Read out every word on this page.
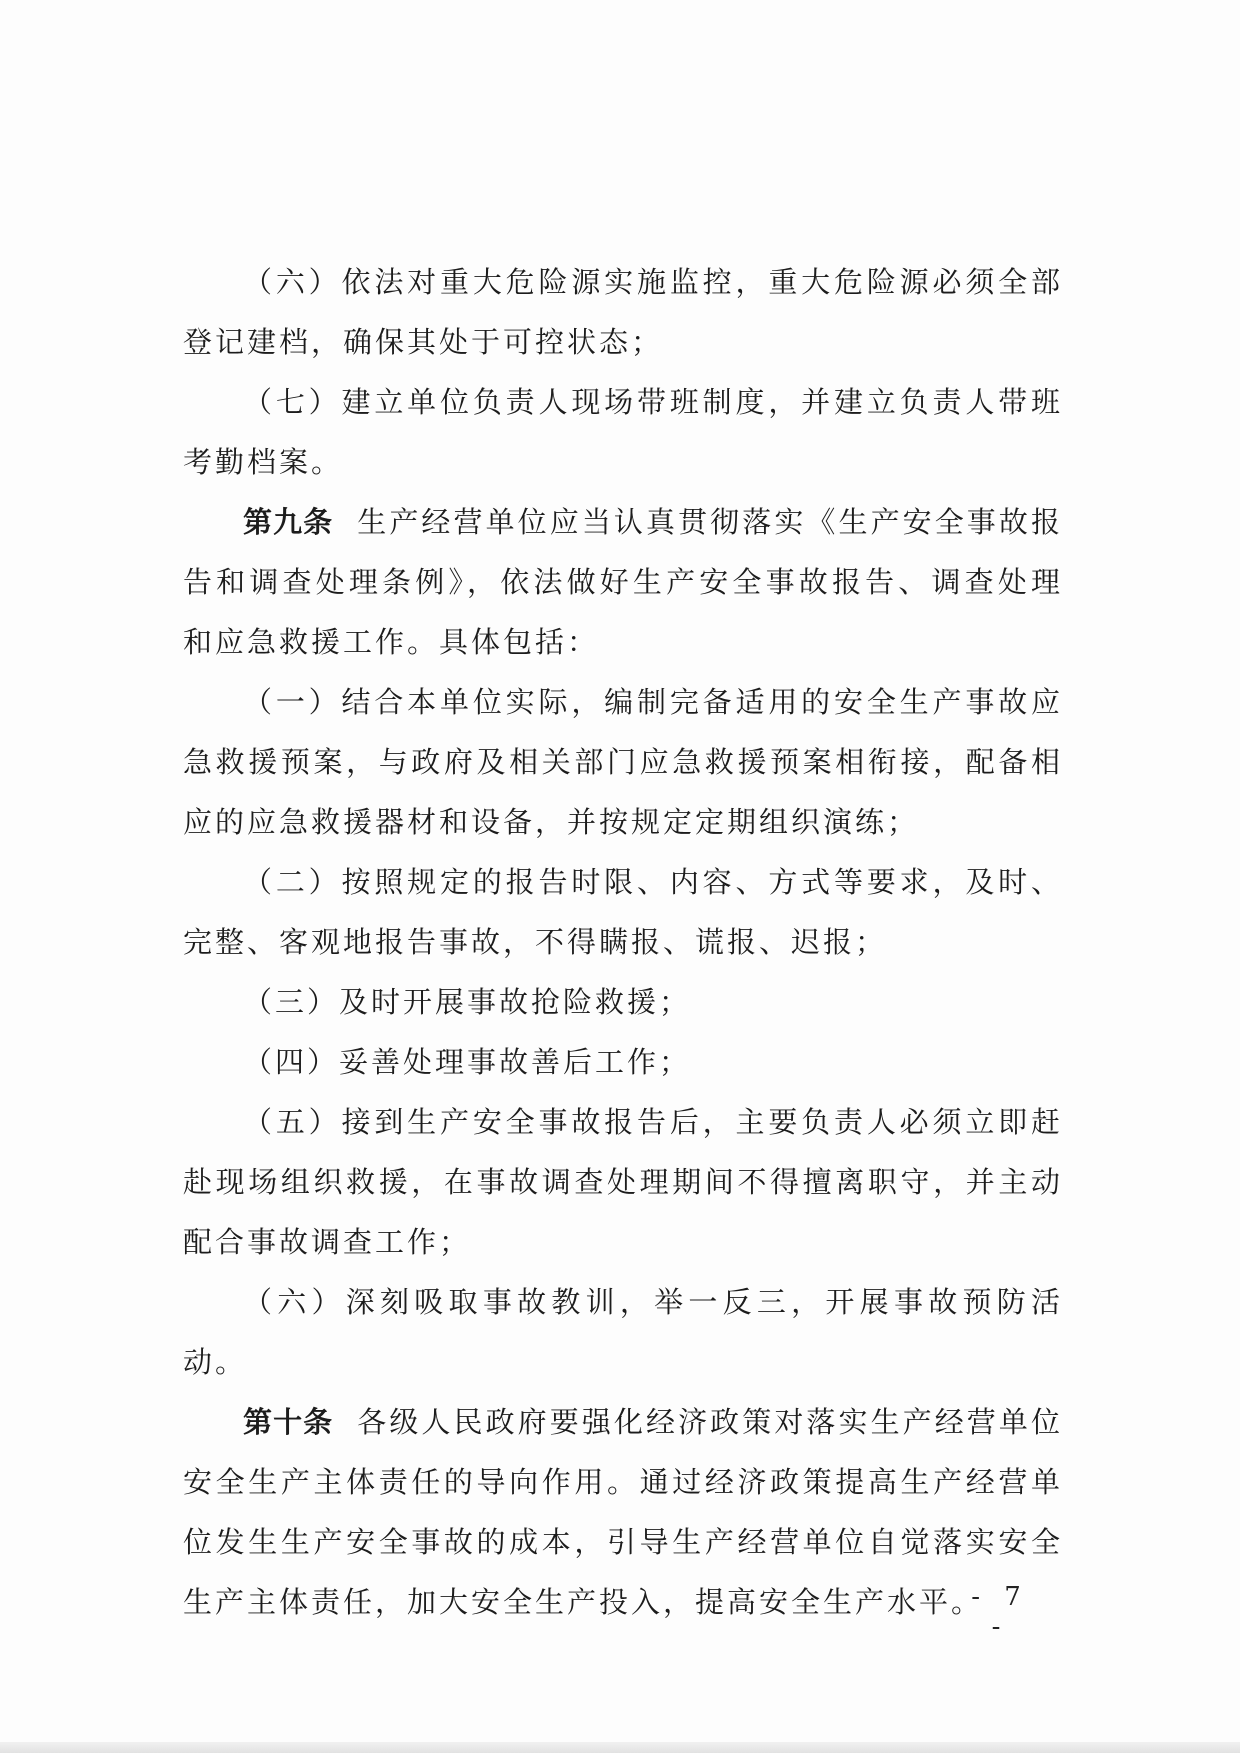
（六）依法对重大危险源实施监控，重大危险源必须全部登记建档，确保其处于可控状态；

（七）建立单位负责人现场带班制度，并建立负责人带班考勤档案。

第九条 生产经营单位应当认真贯彻落实《生产安全事故报告和调查处理条例》，依法做好生产安全事故报告、调查处理和应急救援工作。具体包括：

（一）结合本单位实际，编制完备适用的安全生产事故应急救援预案，与政府及相关部门应急救援预案相衔接，配备相应的应急救援器材和设备，并按规定定期组织演练；

（二）按照规定的报告时限、内容、方式等要求，及时、完整、客观地报告事故，不得瞒报、谎报、迟报；

（三）及时开展事故抢险救援；

（四）妥善处理事故善后工作；

（五）接到生产安全事故报告后，主要负责人必须立即赶赴现场组织救援，在事故调查处理期间不得擅离职守，并主动配合事故调查工作；

（六）深刻吸取事故教训，举一反三，开展事故预防活动。

第十条 各级人民政府要强化经济政策对落实生产经营单位安全生产主体责任的导向作用。通过经济政策提高生产经营单位发生生产安全事故的成本，引导生产经营单位自觉落实安全生产主体责任，加大安全生产投入，提高安全生产水平。

- 7 -
